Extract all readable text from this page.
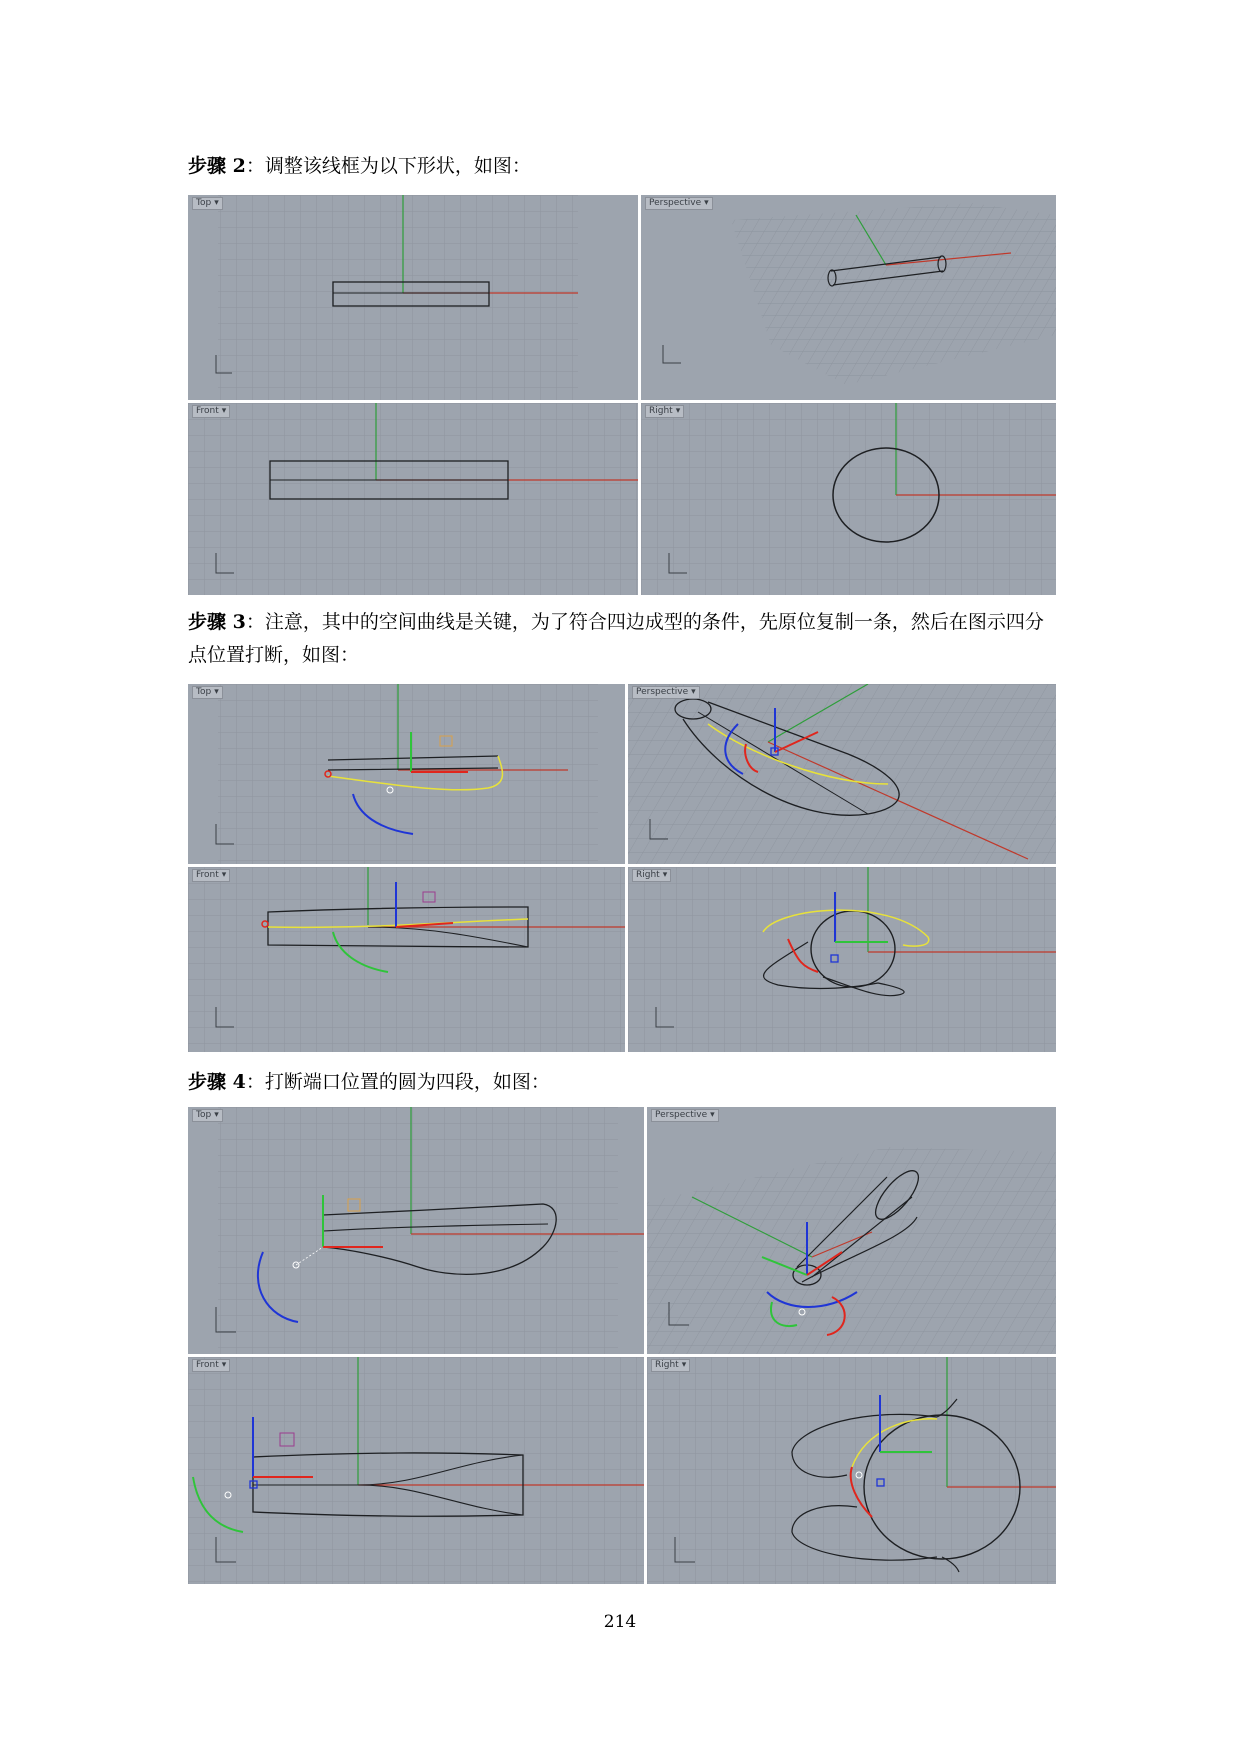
步骤 2：调整该线框为以下形状，如图：
Top ▾	Perspective ▾
Front ▾	Right ▾
步骤 3：注意，其中的空间曲线是关键，为了符合四边成型的条件，先原位复制一条，然后在图示四分点位置打断，如图：
Top ▾	Perspective ▾
Front ▾	Right ▾
步骤 4：打断端口位置的圆为四段，如图：
Top ▾	Perspective ▾
Front ▾	Right ▾
214
